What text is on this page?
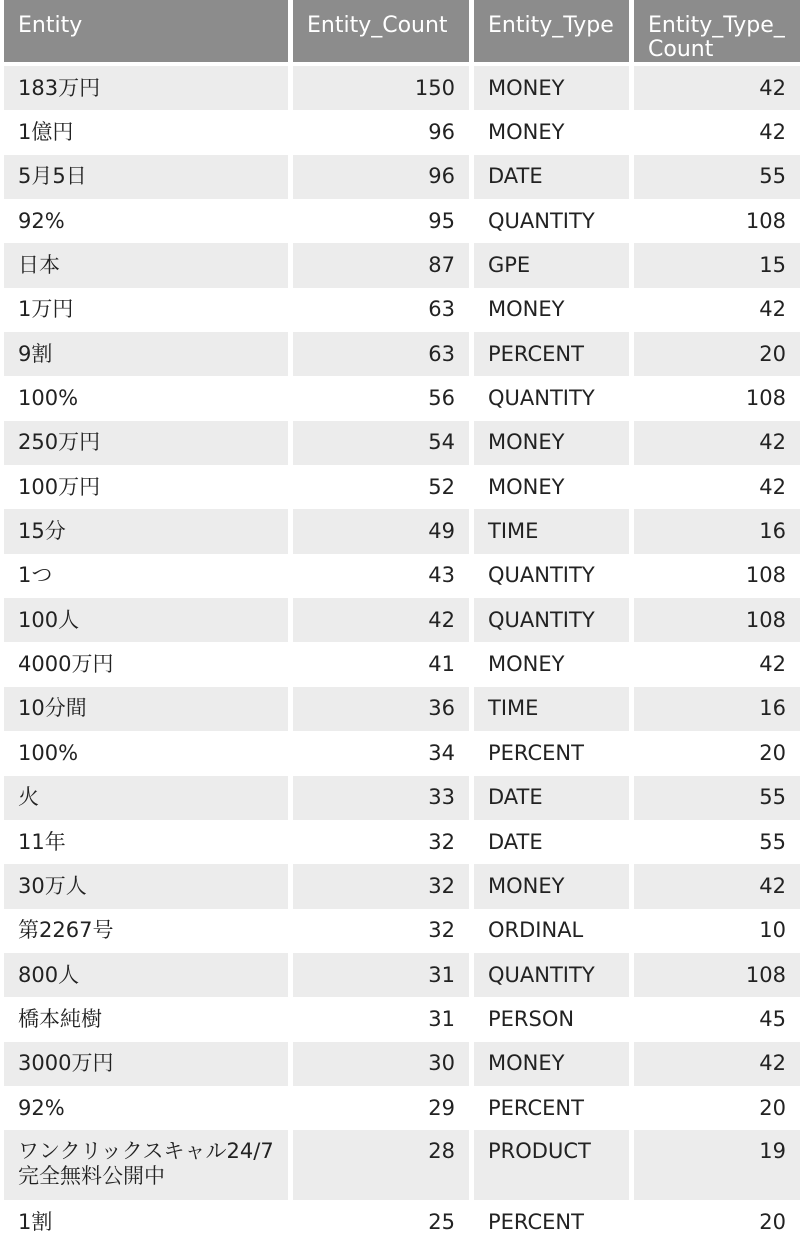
Entity	Entity_Count	Entity_Type	Entity_Type_
Count

183万円	150	MONEY	42
1億円	96	MONEY	42
5月5日	96	DATE	55
92%	95	QUANTITY	108
日本	87	GPE	15
1万円	63	MONEY	42
9割	63	PERCENT	20
100%	56	QUANTITY	108
250万円	54	MONEY	42
100万円	52	MONEY	42
15分	49	TIME	16
1つ	43	QUANTITY	108
100人	42	QUANTITY	108
4000万円	41	MONEY	42
10分間	36	TIME	16
100%	34	PERCENT	20
火	33	DATE	55
11年	32	DATE	55
30万人	32	MONEY	42
第2267号	32	ORDINAL	10
800人	31	QUANTITY	108
橋本純樹	31	PERSON	45
3000万円	30	MONEY	42
92%	29	PERCENT	20
ワンクリックスキャル24/7
完全無料公開中	28	PRODUCT	19
1割	25	PERCENT	20
